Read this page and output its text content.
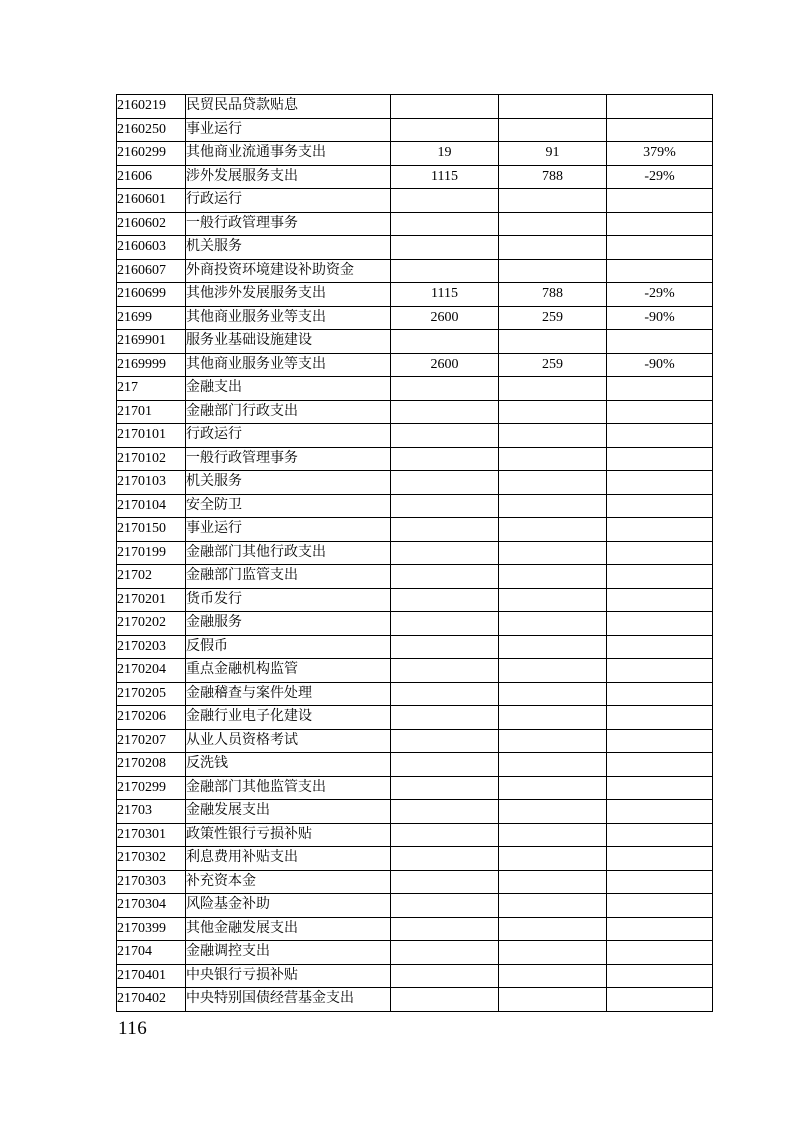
2160219	民贸民品贷款贴息			
2160250	事业运行			
2160299	其他商业流通事务支出	19	91	379%
21606	涉外发展服务支出	1115	788	-29%
2160601	行政运行			
2160602	一般行政管理事务			
2160603	机关服务			
2160607	外商投资环境建设补助资金			
2160699	其他涉外发展服务支出	1115	788	-29%
21699	其他商业服务业等支出	2600	259	-90%
2169901	服务业基础设施建设			
2169999	其他商业服务业等支出	2600	259	-90%
217	金融支出			
21701	金融部门行政支出			
2170101	行政运行			
2170102	一般行政管理事务			
2170103	机关服务			
2170104	安全防卫			
2170150	事业运行			
2170199	金融部门其他行政支出			
21702	金融部门监管支出			
2170201	货币发行			
2170202	金融服务			
2170203	反假币			
2170204	重点金融机构监管			
2170205	金融稽查与案件处理			
2170206	金融行业电子化建设			
2170207	从业人员资格考试			
2170208	反洗钱			
2170299	金融部门其他监管支出			
21703	金融发展支出			
2170301	政策性银行亏损补贴			
2170302	利息费用补贴支出			
2170303	补充资本金			
2170304	风险基金补助			
2170399	其他金融发展支出			
21704	金融调控支出			
2170401	中央银行亏损补贴			
2170402	中央特别国债经营基金支出			
116
